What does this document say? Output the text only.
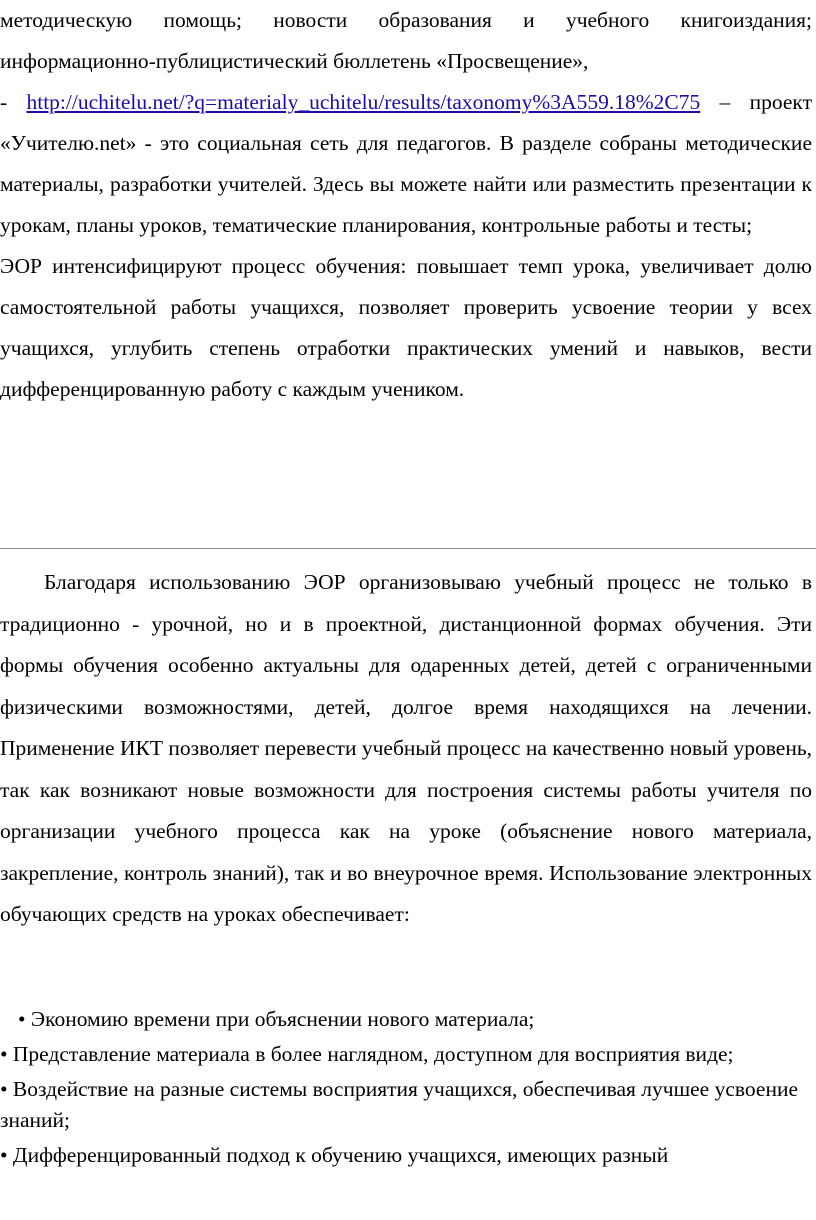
методическую помощь; новости образования и учебного книгоиздания; информационно-публицистический бюллетень «Просвещение»,

- http://uchitelu.net/?q=materialy_uchitelu/results/taxonomy%3A559.18%2C75 – проект «Учителю.net» - это социальная сеть для педагогов. В разделе собраны методические материалы, разработки учителей. Здесь вы можете найти или разместить презентации к урокам, планы уроков, тематические планирования, контрольные работы и тесты;

ЭОР интенсифицируют процесс обучения: повышает темп урока, увеличивает долю самостоятельной работы учащихся, позволяет проверить усвоение теории у всех учащихся, углубить степень отработки практических умений и навыков, вести дифференцированную работу с каждым учеником.

Благодаря использованию ЭОР организовываю учебный процесс не только в традиционно - урочной, но и в проектной, дистанционной формах обучения. Эти формы обучения особенно актуальны для одаренных детей, детей с ограниченными физическими возможностями, детей, долгое время находящихся на лечении. Применение ИКТ позволяет перевести учебный процесс на качественно новый уровень, так как возникают новые возможности для построения системы работы учителя по организации учебного процесса как на уроке (объяснение нового материала, закрепление, контроль знаний), так и во внеурочное время. Использование электронных обучающих средств на уроках обеспечивает:

• Экономию времени при объяснении нового материала;
• Представление материала в более наглядном, доступном для восприятия виде;
• Воздействие на разные системы восприятия учащихся, обеспечивая лучшее усвоение знаний;
• Дифференцированный подход к обучению учащихся, имеющих разный
